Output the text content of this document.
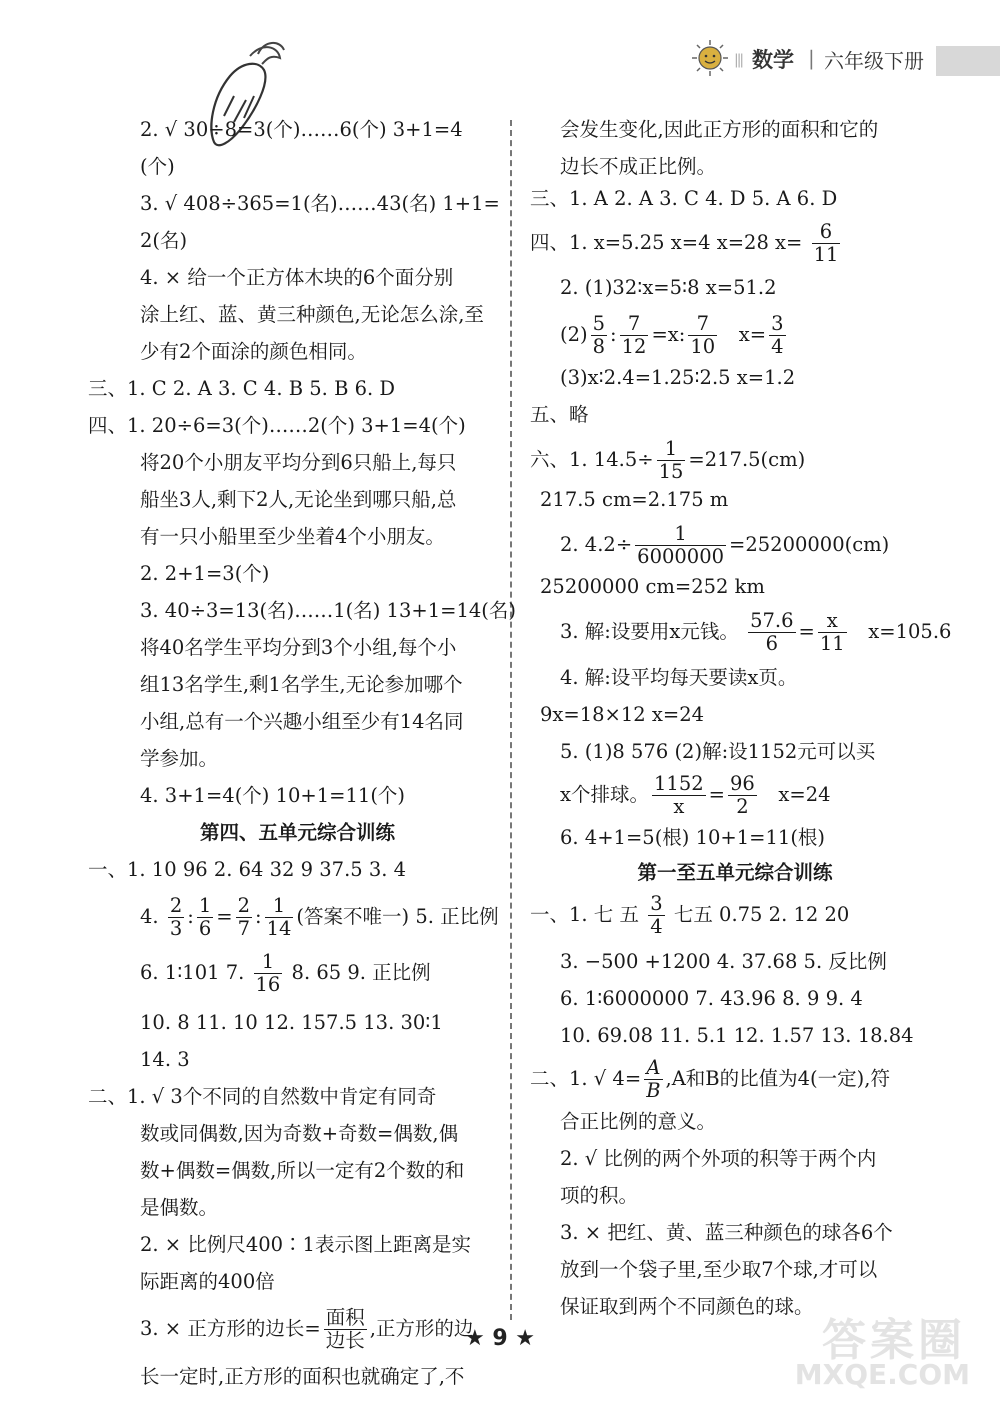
||| 数学 | 六年级下册
2. √ 30÷8=3(个)……6(个) 3+1=4
(个)
3. √ 408÷365=1(名)……43(名) 1+1=
2(名)
4. × 给一个正方体木块的6个面分别
涂上红、蓝、黄三种颜色,无论怎么涂,至
少有2个面涂的颜色相同。
三、1. C 2. A 3. C 4. B 5. B 6. D
四、1. 20÷6=3(个)……2(个) 3+1=4(个)
将20个小朋友平均分到6只船上,每只
船坐3人,剩下2人,无论坐到哪只船,总
有一只小船里至少坐着4个小朋友。
2. 2+1=3(个)
3. 40÷3=13(名)……1(名) 13+1=14(名)
将40名学生平均分到3个小组,每个小
组13名学生,剩1名学生,无论参加哪个
小组,总有一个兴趣小组至少有14名同
学参加。
4. 3+1=4(个) 10+1=11(个)
第四、五单元综合训练
一、1. 10 96 2. 64 32 9 37.5 3. 4
4. $\frac{2}{3}$ : $\frac{1}{6} = \frac{2}{7}$ : $\frac{1}{14}$ (答案不唯一) 5. 正比例
6. 1∶101 7. $\frac{1}{16} 8$. 65 9. 正比例
10. 8 11. 10 12. 157.5 13. 30∶1
14. 3
二、1. √ 3个不同的自然数中肯定有同奇
数或同偶数,因为奇数+奇数=偶数,偶
数+偶数=偶数,所以一定有2个数的和
是偶数。
2. × 比例尺400∶1表示图上距离是实
际距离的400倍
3. × 正方形的边长= $\frac{\text{面积}}{\text{边长}}$ ,正方形的边
长一定时,正方形的面积也就确定了,不
会发生变化,因此正方形的面积和它的
边长不成正比例。
三、1. A 2. A 3. C 4. D 5. A 6. D
四、1. x=5.25 x=4 x=28 $x= \frac{6}{11}$
2. (1)32∶x=5∶8 x=51.2
$(2) \frac{5}{8}$ : $\frac{7}{12} =x$: $\frac{7}{10} x= \frac{3}{4}$
(3)x∶2.4=1.25∶2.5 x=1.2
五、略
六、1. $14.5\div \frac{1}{15} =217.5(cm)$
217.5 cm=2.175 m
2. $4.2\div \frac{1}{6000000} =25200000(cm)$
25200000 cm=252 km
3. 解:设要用x元钱。 $\frac{57.6}{6} = \frac{x}{11} x=105.6$
4. 解:设平均每天要读x页。
9x=18×12 x=24
5. (1)8 576 (2)解:设1152元可以买
x个排球。 $\frac{1152}{x} = \frac{96}{2} x=24$
6. 4+1=5(根) 10+1=11(根)
第一至五单元综合训练
一、1. 七 五 $\frac{3}{4}$ 七五 0.75 2. 12 20
3. −500 +1200 4. 37.68 5. 反比例
6. 1∶6000000 7. 43.96 8. 9 9. 4
10. 69.08 11. 5.1 12. 1.57 13. 18.84
二、1. √ $4= \frac{A}{B} ,A$和B的比值为4(一定),符
合正比例的意义。
2. √ 比例的两个外项的积等于两个内
项的积。
3. × 把红、黄、蓝三种颜色的球各6个
放到一个袋子里,至少取7个球,才可以
保证取到两个不同颜色的球。
★ 9 ★	答案圈
MXQE.COM
